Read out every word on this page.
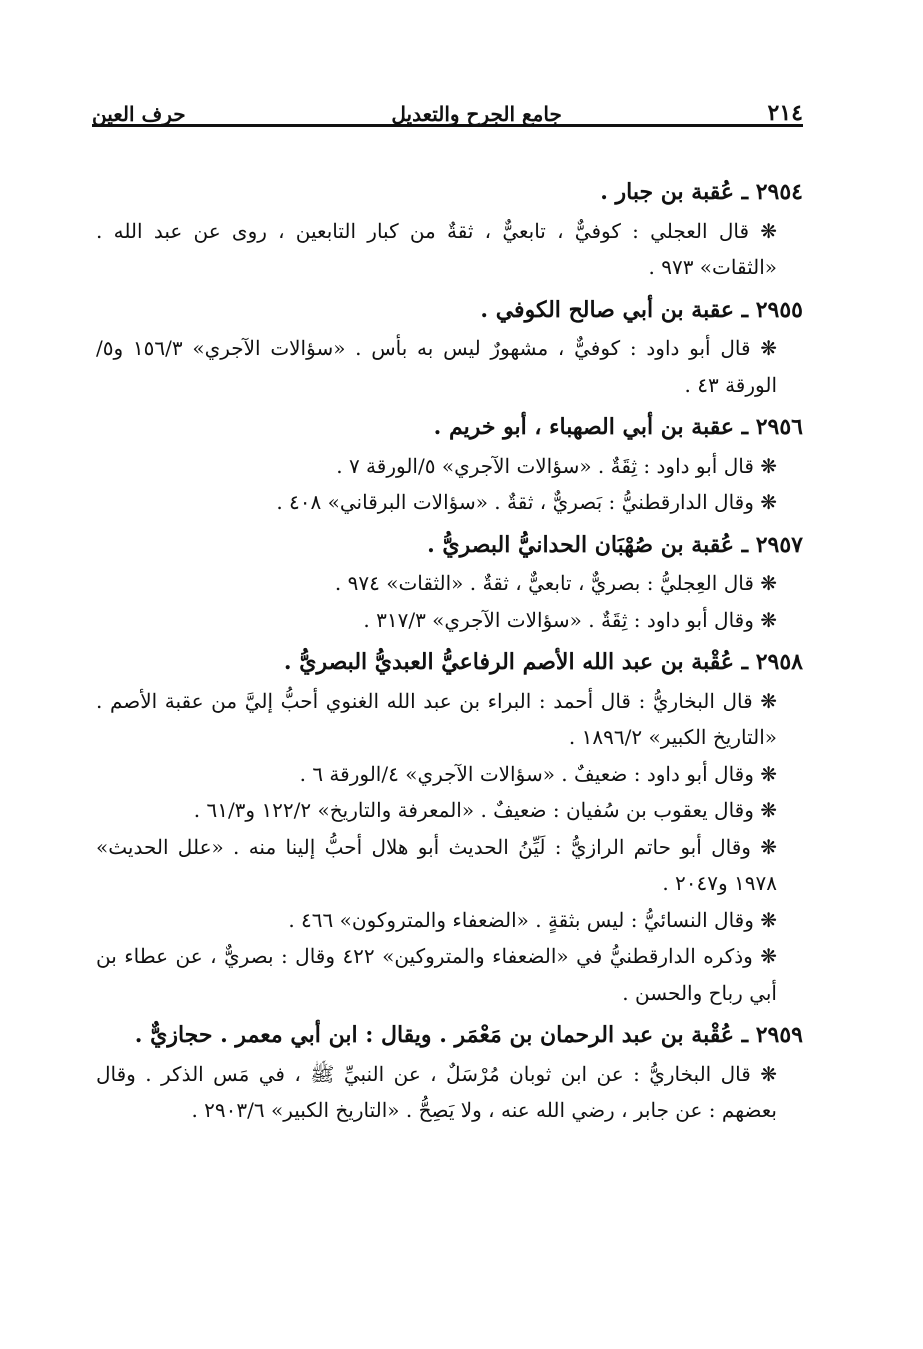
٢١٤
جامع الجرح والتعديل
حرف العين
٢٩٥٤ ـ عُقبة بن جبار .
❋ قال العجلي : كوفيٌّ ، تابعيٌّ ، ثقةٌ من كبار التابعين ، روى عن عبد الله . «الثقات» ٩٧٣ .
٢٩٥٥ ـ عقبة بن أبي صالح الكوفي .
❋ قال أبو داود : كوفيٌّ ، مشهورٌ ليس به بأس . «سؤالات الآجري» ١٥٦/٣ و٥/الورقة ٤٣ .
٢٩٥٦ ـ عقبة بن أبي الصهباء ، أبو خريم .
❋ قال أبو داود : ثِقَةٌ . «سؤالات الآجري» ٥/الورقة ٧ .
❋ وقال الدارقطنيُّ : بَصريٌّ ، ثقةٌ . «سؤالات البرقاني» ٤٠٨ .
٢٩٥٧ ـ عُقبة بن صُهْبَان الحدانيُّ البصريُّ .
❋ قال العِجليُّ : بصريٌّ ، تابعيٌّ ، ثقةٌ . «الثقات» ٩٧٤ .
❋ وقال أبو داود : ثِقَةٌ . «سؤالات الآجري» ٣١٧/٣ .
٢٩٥٨ ـ عُقْبة بن عبد الله الأصم الرفاعيُّ العبديُّ البصريُّ .
❋ قال البخاريُّ : قال أحمد : البراء بن عبد الله الغنوي أحبُّ إليَّ من عقبة الأصم . «التاريخ الكبير» ١٨٩٦/٢ .
❋ وقال أبو داود : ضعيفٌ . «سؤالات الآجري» ٤/الورقة ٦ .
❋ وقال يعقوب بن سُفيان : ضعيفٌ . «المعرفة والتاريخ» ١٢٢/٢ و٦١/٣ .
❋ وقال أبو حاتم الرازيُّ : لَيِّنُ الحديث أبو هلال أحبُّ إلينا منه . «علل الحديث» ١٩٧٨ و٢٠٤٧ .
❋ وقال النسائيُّ : ليس بثقةٍ . «الضعفاء والمتروكون» ٤٦٦ .
❋ وذكره الدارقطنيُّ في «الضعفاء والمتروكين» ٤٢٢ وقال : بصريٌّ ، عن عطاء بن أبي رباح والحسن .
٢٩٥٩ ـ عُقْبة بن عبد الرحمان بن مَعْمَر . ويقال : ابن أبي معمر . حجازيٌّ .
❋ قال البخاريُّ : عن ابن ثوبان مُرْسَلٌ ، عن النبيِّ ﷺ ، في مَس الذكر . وقال بعضهم : عن جابر ، رضي الله عنه ، ولا يَصِحُّ . «التاريخ الكبير» ٢٩٠٣/٦ .
